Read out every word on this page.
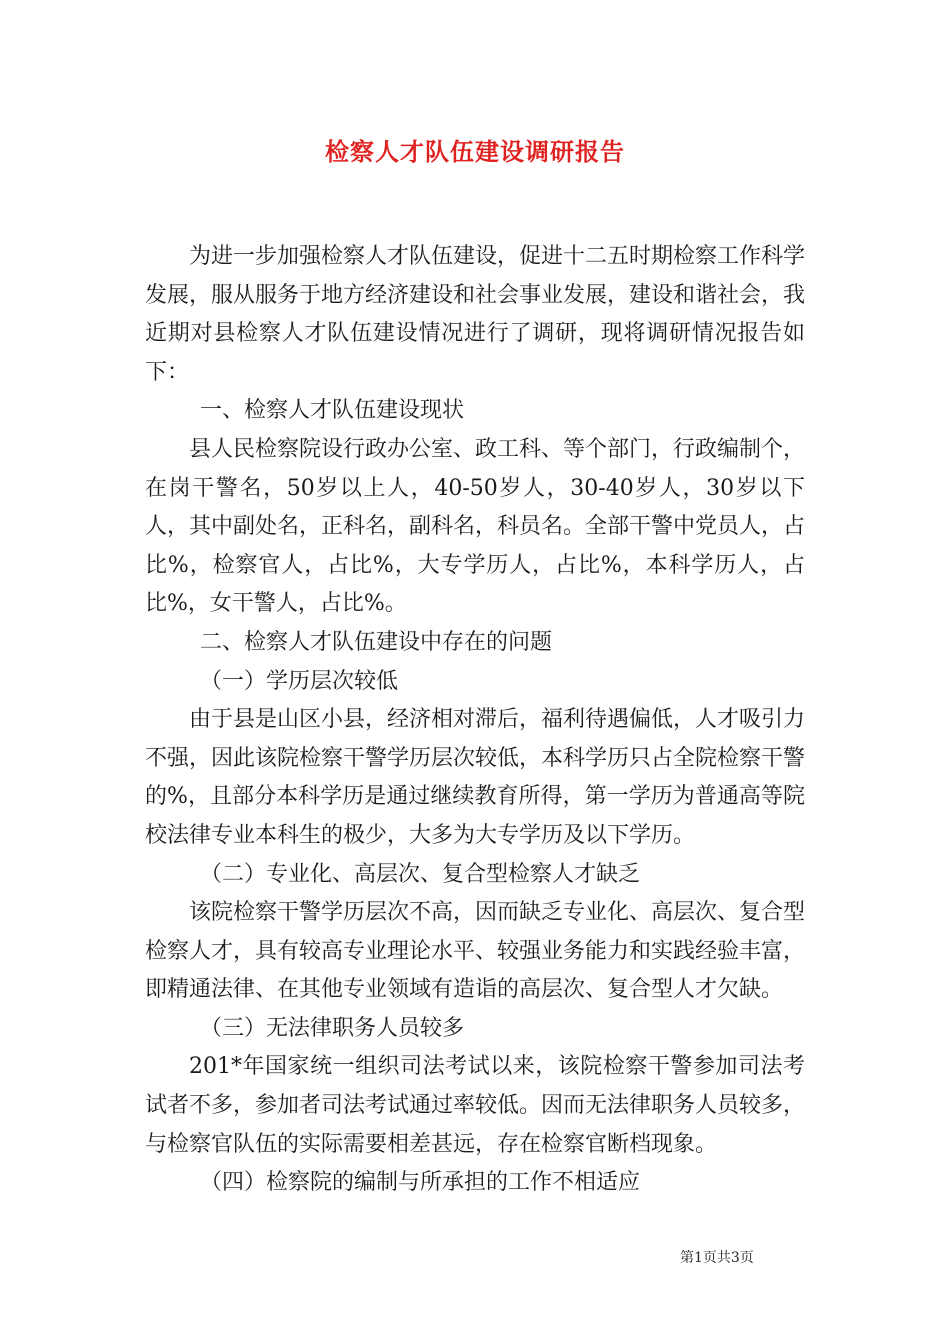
检察人才队伍建设调研报告

为进一步加强检察人才队伍建设，促进十二五时期检察工作科学发展，服从服务于地方经济建设和社会事业发展，建设和谐社会，我近期对县检察人才队伍建设情况进行了调研，现将调研情况报告如下：

一、检察人才队伍建设现状

县人民检察院设行政办公室、政工科、等个部门，行政编制个，在岗干警名，50岁以上人，40-50岁人，30-40岁人，30岁以下人，其中副处名，正科名，副科名，科员名。全部干警中党员人，占比%，检察官人，占比%，大专学历人，占比%，本科学历人，占比%，女干警人，占比%。

二、检察人才队伍建设中存在的问题

（一）学历层次较低

由于县是山区小县，经济相对滞后，福利待遇偏低，人才吸引力不强，因此该院检察干警学历层次较低，本科学历只占全院检察干警的%，且部分本科学历是通过继续教育所得，第一学历为普通高等院校法律专业本科生的极少，大多为大专学历及以下学历。

（二）专业化、高层次、复合型检察人才缺乏

该院检察干警学历层次不高，因而缺乏专业化、高层次、复合型检察人才，具有较高专业理论水平、较强业务能力和实践经验丰富，即精通法律、在其他专业领域有造诣的高层次、复合型人才欠缺。

（三）无法律职务人员较多

201*年国家统一组织司法考试以来，该院检察干警参加司法考试者不多，参加者司法考试通过率较低。因而无法律职务人员较多，与检察官队伍的实际需要相差甚远，存在检察官断档现象。

（四）检察院的编制与所承担的工作不相适应

第1页共3页
